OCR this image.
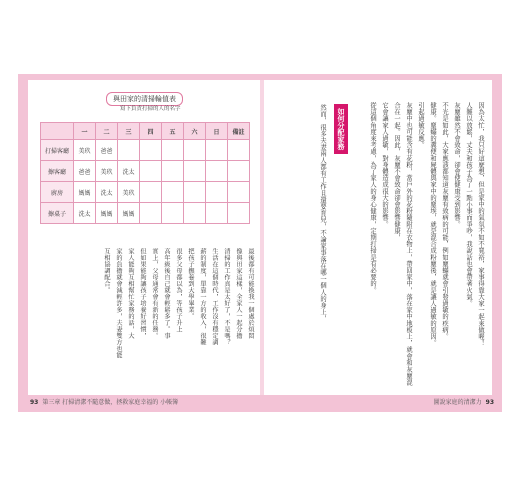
與田家的清掃輪值表
寫下負責打掃的人的名字
	一	二	三	四	五	六	日	備註
打掃客廳	美玖	爸爸						
擦客廳	爸爸	美玖	洗太					
廚房	媽媽	洗太	美玖					
擦桌子	洗太	媽媽	媽媽					

最後都有可能換我一個處於煩悶

像與田家這樣，全家人一起分擔

清掃的工作真是太好了，不是嗎？

生活在這個時代，工作沒有穩定調

薪的制度，單靠一方的收入，很難

把孩子撫養到大學畢業。

很多父母都以為，等孩子升上

高年級後自己就會輕鬆多了。事

實上，父母通常會有新的任務。

但如果能夠讓孩子培養好習慣，

家人能夠互相幫忙家務的話，大

家的負擔就會減輕許多，夫妻雙方也能

互相協調配合。	因為太忙，我只好這麼想，但是家中的氣氛不如不寬裕，家事得靠大家一起來做喔！

人難以放鬆，丈夫和孩子為了一點小事而爭吵，我說話也會帶著火氣。

灰塵雖然不會致命，卻會使健康受到影響。

不光是如此，大家應該都知道灰塵有致病的可能，例如塵蟎就會引發過敏的疾病。

健康。塵蟎的糞便和屍體與家中的塵埃，就是混合成粉塵後，就是讓人過敏的原因。

引起過敏反應。

灰塵中也可能含有花粉，當戶外的花粉隨附在衣物上，帶回家中，落在家中地板上，就會和灰塵混合在一起。因此，灰塵不會致命卻會影響健康，

它會讓家人過敏，對身體造成很大的影響。

從這個角度來考慮，為了家人的身心健康，定期打掃是有必要的。

如何分配家務

然而，很多夫妻兩人都有工作且還要育兒，不論家事落在哪一個人的身上，

93 第三章 打掃清潔不隨意做，拯救家庭幸福的 小帳簿	圖說家庭的清潔力 93
